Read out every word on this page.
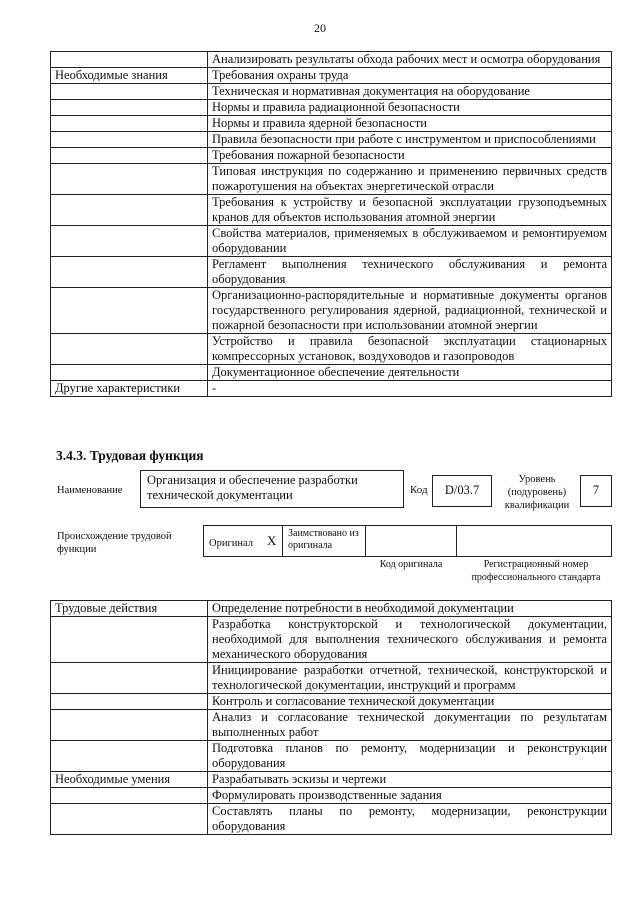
20
	Анализировать результаты обхода рабочих мест и осмотра оборудования
Необходимые знания	Требования охраны труда
	Техническая и нормативная документация на оборудование
	Нормы и правила радиационной безопасности
	Нормы и правила ядерной безопасности
	Правила безопасности при работе с инструментом и приспособлениями
	Требования пожарной безопасности
	Типовая инструкция по содержанию и применению первичных средств пожаротушения на объектах энергетической отрасли
	Требования к устройству и безопасной эксплуатации грузоподъемных кранов для объектов использования атомной энергии
	Свойства материалов, применяемых в обслуживаемом и ремонтируемом оборудовании
	Регламент выполнения технического обслуживания и ремонта оборудования
	Организационно-распорядительные и нормативные документы органов государственного регулирования ядерной, радиационной, технической и пожарной безопасности при использовании атомной энергии
	Устройство и правила безопасной эксплуатации стационарных компрессорных установок, воздуховодов и газопроводов
	Документационное обеспечение деятельности
Другие характеристики	-
3.4.3. Трудовая функция
Наименование
Организация и обеспечение разработки технической документации	Код	D/03.7
Уровень (подуровень) квалификации
7
Происхождение трудовой функции
Оригинал X	Заимствовано из оригинала
Код оригинала	Регистрационный номер профессионального стандарта
Трудовые действия	Определение потребности в необходимой документации
	Разработка конструкторской и технологической документации, необходимой для выполнения технического обслуживания и ремонта механического оборудования
	Инициирование разработки отчетной, технической, конструкторской и технологической документации, инструкций и программ
	Контроль и согласование технической документации
	Анализ и согласование технической документации по результатам выполненных работ
	Подготовка планов по ремонту, модернизации и реконструкции оборудования
Необходимые умения	Разрабатывать эскизы и чертежи
	Формулировать производственные задания
	Составлять планы по ремонту, модернизации, реконструкции оборудования
